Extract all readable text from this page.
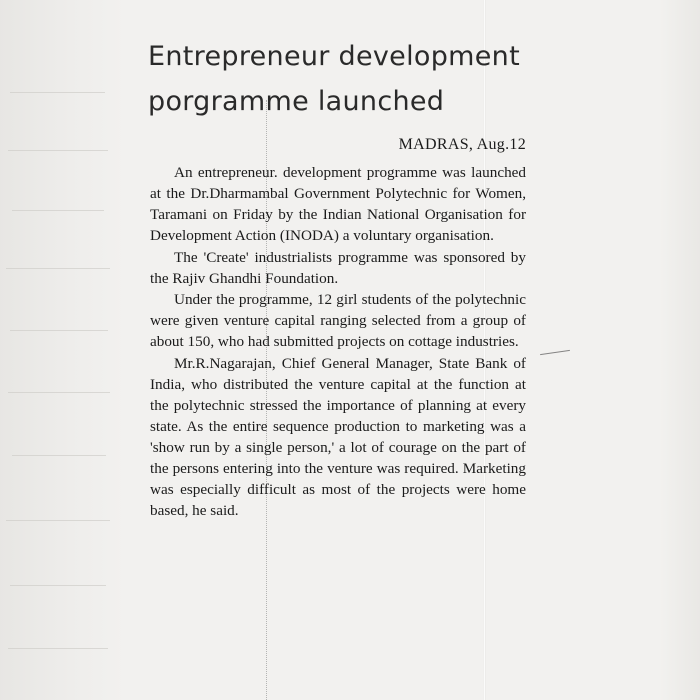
Entrepreneur development
porgramme launched
MADRAS, Aug.12

An entrepreneur. development programme was launched at the Dr.Dharmambal Government Polytechnic for Women, Taramani on Friday by the Indian National Organisation for Development Action (INODA) a voluntary organisation.

The 'Create' industrialists programme was sponsored by the Rajiv Ghandhi Foundation.

Under the programme, 12 girl students of the polytechnic were given venture capital ranging selected from a group of about 150, who had submitted projects on cottage industries.

Mr.R.Nagarajan, Chief General Manager, State Bank of India, who distributed the venture capital at the function at the polytechnic stressed the importance of planning at every state. As the entire sequence production to marketing was a 'show run by a single person,' a lot of courage on the part of the persons entering into the venture was required. Marketing was especially difficult as most of the projects were home based, he said.
